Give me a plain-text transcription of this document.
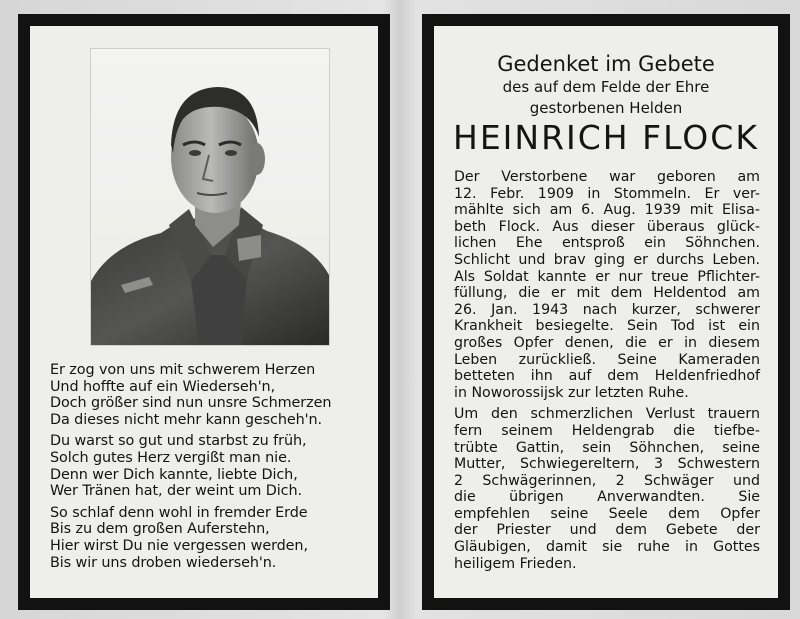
Er zog von uns mit schwerem Herzen
Und hoffte auf ein Wiederseh'n,
Doch größer sind nun unsre Schmerzen
Da dieses nicht mehr kann gescheh'n.
Du warst so gut und starbst zu früh,
Solch gutes Herz vergißt man nie.
Denn wer Dich kannte, liebte Dich,
Wer Tränen hat, der weint um Dich.
So schlaf denn wohl in fremder Erde
Bis zu dem großen Auferstehn,
Hier wirst Du nie vergessen werden,
Bis wir uns droben wiederseh'n.
Gedenket im Gebete
des auf dem Felde der Ehre
gestorbenen Helden
HEINRICH FLOCK
Der Verstorbene war geboren am
12. Febr. 1909 in Stommeln. Er ver-
mählte sich am 6. Aug. 1939 mit Elisa-
beth Flock. Aus dieser überaus glück-
lichen Ehe entsproß ein Söhnchen.
Schlicht und brav ging er durchs Leben.
Als Soldat kannte er nur treue Pflichter-
füllung, die er mit dem Heldentod am
26. Jan. 1943 nach kurzer, schwerer
Krankheit besiegelte. Sein Tod ist ein
großes Opfer denen, die er in diesem
Leben zurückließ. Seine Kameraden
betteten ihn auf dem Heldenfriedhof
in Noworossijsk zur letzten Ruhe.
Um den schmerzlichen Verlust trauern
fern seinem Heldengrab die tiefbe-
trübte Gattin, sein Söhnchen, seine
Mutter, Schwiegereltern, 3 Schwestern
2 Schwägerinnen, 2 Schwäger und
die übrigen Anverwandten. Sie
empfehlen seine Seele dem Opfer
der Priester und dem Gebete der
Gläubigen, damit sie ruhe in Gottes
heiligem Frieden.
